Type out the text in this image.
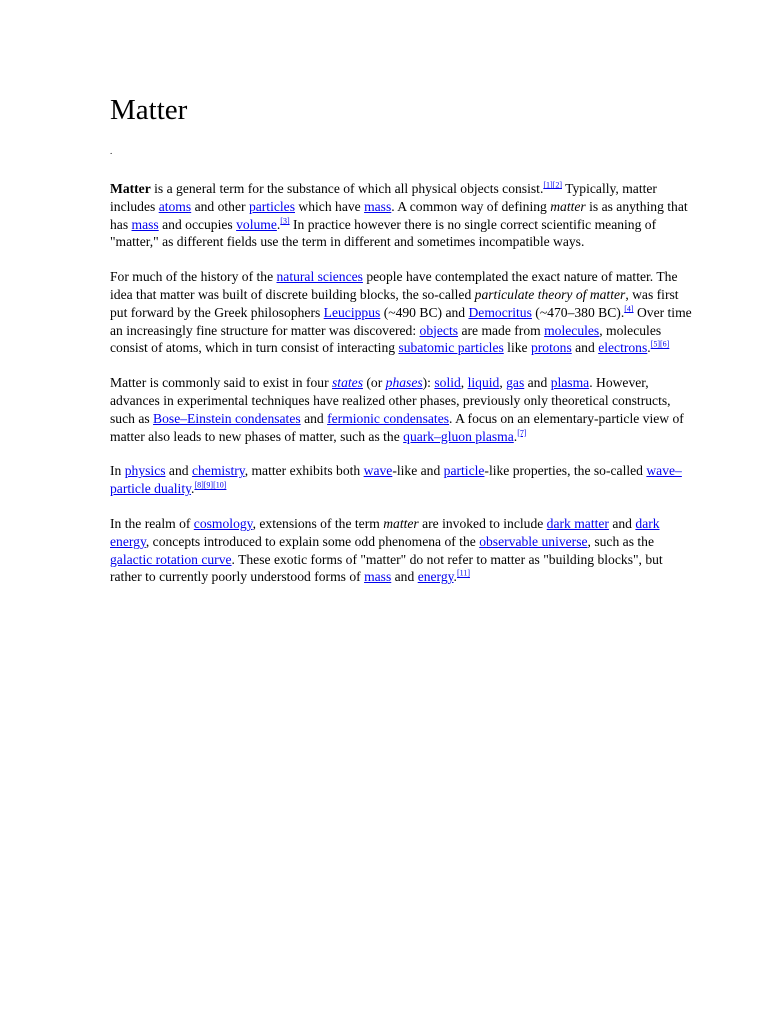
Matter
.

Matter is a general term for the substance of which all physical objects consist.[1][2] Typically, matter includes atoms and other particles which have mass. A common way of defining matter is as anything that has mass and occupies volume.[3] In practice however there is no single correct scientific meaning of "matter," as different fields use the term in different and sometimes incompatible ways.

For much of the history of the natural sciences people have contemplated the exact nature of matter. The idea that matter was built of discrete building blocks, the so-called particulate theory of matter, was first put forward by the Greek philosophers Leucippus (~490 BC) and Democritus (~470–380 BC).[4] Over time an increasingly fine structure for matter was discovered: objects are made from molecules, molecules consist of atoms, which in turn consist of interacting subatomic particles like protons and electrons.[5][6]

Matter is commonly said to exist in four states (or phases): solid, liquid, gas and plasma. However, advances in experimental techniques have realized other phases, previously only theoretical constructs, such as Bose–Einstein condensates and fermionic condensates. A focus on an elementary-particle view of matter also leads to new phases of matter, such as the quark–gluon plasma.[7]

In physics and chemistry, matter exhibits both wave-like and particle-like properties, the so-called wave–particle duality.[8][9][10]

In the realm of cosmology, extensions of the term matter are invoked to include dark matter and dark energy, concepts introduced to explain some odd phenomena of the observable universe, such as the galactic rotation curve. These exotic forms of "matter" do not refer to matter as "building blocks", but rather to currently poorly understood forms of mass and energy.[11]
